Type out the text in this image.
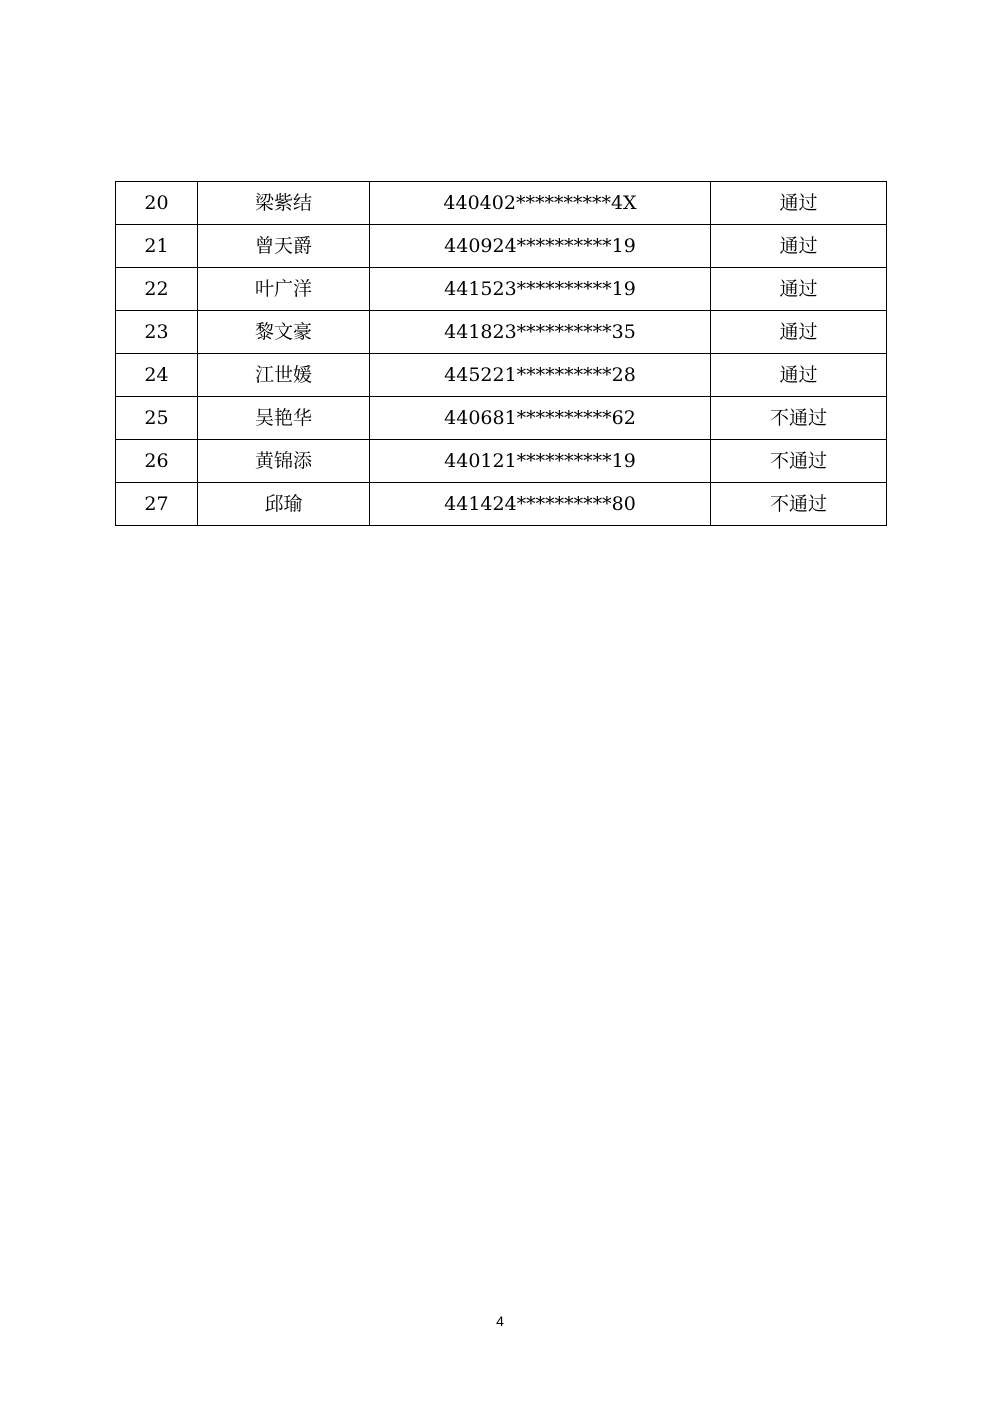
20	梁紫结	440402**********4X	通过
21	曾天爵	440924**********19	通过
22	叶广洋	441523**********19	通过
23	黎文豪	441823**********35	通过
24	江世媛	445221**********28	通过
25	吴艳华	440681**********62	不通过
26	黄锦添	440121**********19	不通过
27	邱瑜	441424**********80	不通过
4
